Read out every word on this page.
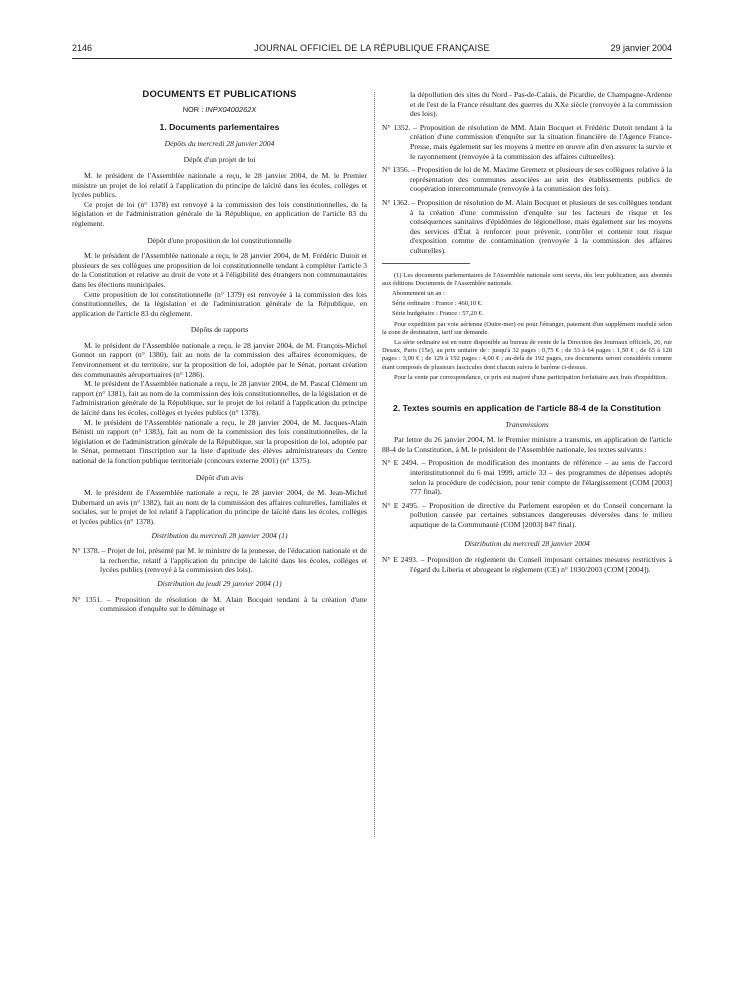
2146	JOURNAL OFFICIEL DE LA RÉPUBLIQUE FRANÇAISE	29 janvier 2004
DOCUMENTS ET PUBLICATIONS
NOR : INPX0400262X
1. Documents parlementaires
Dépôts du mercredi 28 janvier 2004
Dépôt d'un projet de loi

M. le président de l'Assemblée nationale a reçu, le 28 janvier 2004, de M. le Premier ministre un projet de loi relatif à l'application du principe de laïcité dans les écoles, collèges et lycées publics.

Ce projet de loi (n° 1378) est renvoyé à la commission des lois constitutionnelles, de la législation et de l'administration générale de la République, en application de l'article 83 du règlement.

Dépôt d'une proposition de loi constitutionnelle

M. le président de l'Assemblée nationale a reçu, le 28 janvier 2004, de M. Frédéric Dutoit et plusieurs de ses collègues une proposition de loi constitutionnelle tendant à compléter l'article 3 de la Constitution et relative au droit de vote et à l'éligibilité des étrangers non communautaires dans les élections municipales.

Cette proposition de loi constitutionnelle (n° 1379) est renvoyée à la commission des lois constitutionnelles, de la législation et de l'administration générale de la République, en application de l'article 83 du règlement.

Dépôts de rapports

M. le président de l'Assemblée nationale a reçu, le 28 janvier 2004, de M. François-Michel Gonnot un rapport (n° 1380), fait au nom de la commission des affaires économiques, de l'environnement et du territoire, sur la proposition de loi, adoptée par le Sénat, portant création des communautés aéroportuaires (n° 1286).

M. le président de l'Assemblée nationale a reçu, le 28 janvier 2004, de M. Pascal Clément un rapport (n° 1381), fait au nom de la commission des lois constitutionnelles, de la législation et de l'administration générale de la République, sur le projet de loi relatif à l'application du principe de laïcité dans les écoles, collèges et lycées publics (n° 1378).

M. le président de l'Assemblée nationale a reçu, le 28 janvier 2004, de M. Jacques-Alain Bénisti un rapport (n° 1383), fait au nom de la commission des lois constitutionnelles, de la législation et de l'administration générale de la République, sur la proposition de loi, adoptée par le Sénat, permettant l'inscription sur la liste d'aptitude des élèves administrateurs du Centre national de la fonction publique territoriale (concours externe 2001) (n° 1375).

Dépôt d'un avis

M. le président de l'Assemblée nationale a reçu, le 28 janvier 2004, de M. Jean-Michel Dubernard un avis (n° 1382), fait au nom de la commission des affaires culturelles, familiales et sociales, sur le projet de loi relatif à l'application du principe de laïcité dans les écoles, collèges et lycées publics (n° 1378).

Distribution du mercredi 28 janvier 2004 (1)
N° 1378. – Projet de loi, présenté par M. le ministre de la jeunesse, de l'éducation nationale et de la recherche, relatif à l'application du principe de laïcité dans les écoles, collèges et lycées publics (renvoyé à la commission des lois).
Distribution du jeudi 29 janvier 2004 (1)
N° 1351. – Proposition de résolution de M. Alain Bocquet tendant à la création d'une commission d'enquête sur le déminage et
la dépollution des sites du Nord - Pas-de-Calais, de Picardie, de Champagne-Ardenne et de l'est de la France résultant des guerres du XXe siècle (renvoyée à la commission des lois).
N° 1352. – Proposition de résolution de MM. Alain Bocquet et Frédéric Dutoit tendant à la création d'une commission d'enquête sur la situation financière de l'Agence France-Presse, mais également sur les moyens à mettre en œuvre afin d'en assurer la survie et le rayonnement (renvoyée à la commission des affaires culturelles).
N° 1356. – Proposition de loi de M. Maxime Gremetz et plusieurs de ses collègues relative à la représentation des communes associées au sein des établissements publics de coopération intercommunale (renvoyée à la commission des lois).
N° 1362. – Proposition de résolution de M. Alain Bocquet et plusieurs de ses collègues tendant à la création d'une commission d'enquête sur les facteurs de risque et les conséquences sanitaires d'épidémies de légionellose, mais également sur les moyens des services d'État à renforcer pour prévenir, contrôler et contenir tout risque d'exposition comme de contamination (renvoyée à la commission des affaires culturelles).

(1) Les documents parlementaires de l'Assemblée nationale sont servis, dès leur publication, aux abonnés aux éditions Documents de l'Assemblée nationale.

Abonnement un an :

Série ordinaire : France : 460,10 €.

Série budgétaire : France : 57,20 €.

Pour expédition par voie aérienne (Outre-mer) ou pour l'étranger, paiement d'un supplément modulé selon la zone de destination, tarif sur demande.

La série ordinaire est en outre disponible au bureau de vente de la Direction des Journaux officiels, 26, rue Desaix, Paris (15e), au prix unitaire de : jusqu'à 32 pages : 0,75 € ; de 33 à 64 pages : 1,50 € ; de 65 à 128 pages : 3,00 € ; de 129 à 192 pages : 4,00 € ; au-delà de 192 pages, ces documents seront considérés comme étant composés de plusieurs fascicules dont chacun suivra le barème ci-dessus.

Pour la vente par correspondance, ce prix est majoré d'une participation forfaitaire aux frais d'expédition.

2. Textes soumis en application de l'article 88-4 de la Constitution
Transmissions

Par lettre du 26 janvier 2004, M. le Premier ministre a transmis, en application de l'article 88-4 de la Constitution, à M. le président de l'Assemblée nationale, les textes suivants :

N° E 2494. – Proposition de modification des montants de référence – au sens de l'accord interinstitutionnel du 6 mai 1999, article 33 – des programmes de dépenses adoptés selon la procédure de codécision, pour tenir compte de l'élargissement (COM [2003] 777 final).
N° E 2495. – Proposition de directive du Parlement européen et du Conseil concernant la pollution causée par certaines substances dangereuses déversées dans le milieu aquatique de la Communauté (COM [2003] 847 final).
Distribution du mercredi 28 janvier 2004
N° E 2493. – Proposition de règlement du Conseil imposant certaines mesures restrictives à l'égard du Liberia et abrogeant le règlement (CE) n° 1030/2003 (COM [2004]).
